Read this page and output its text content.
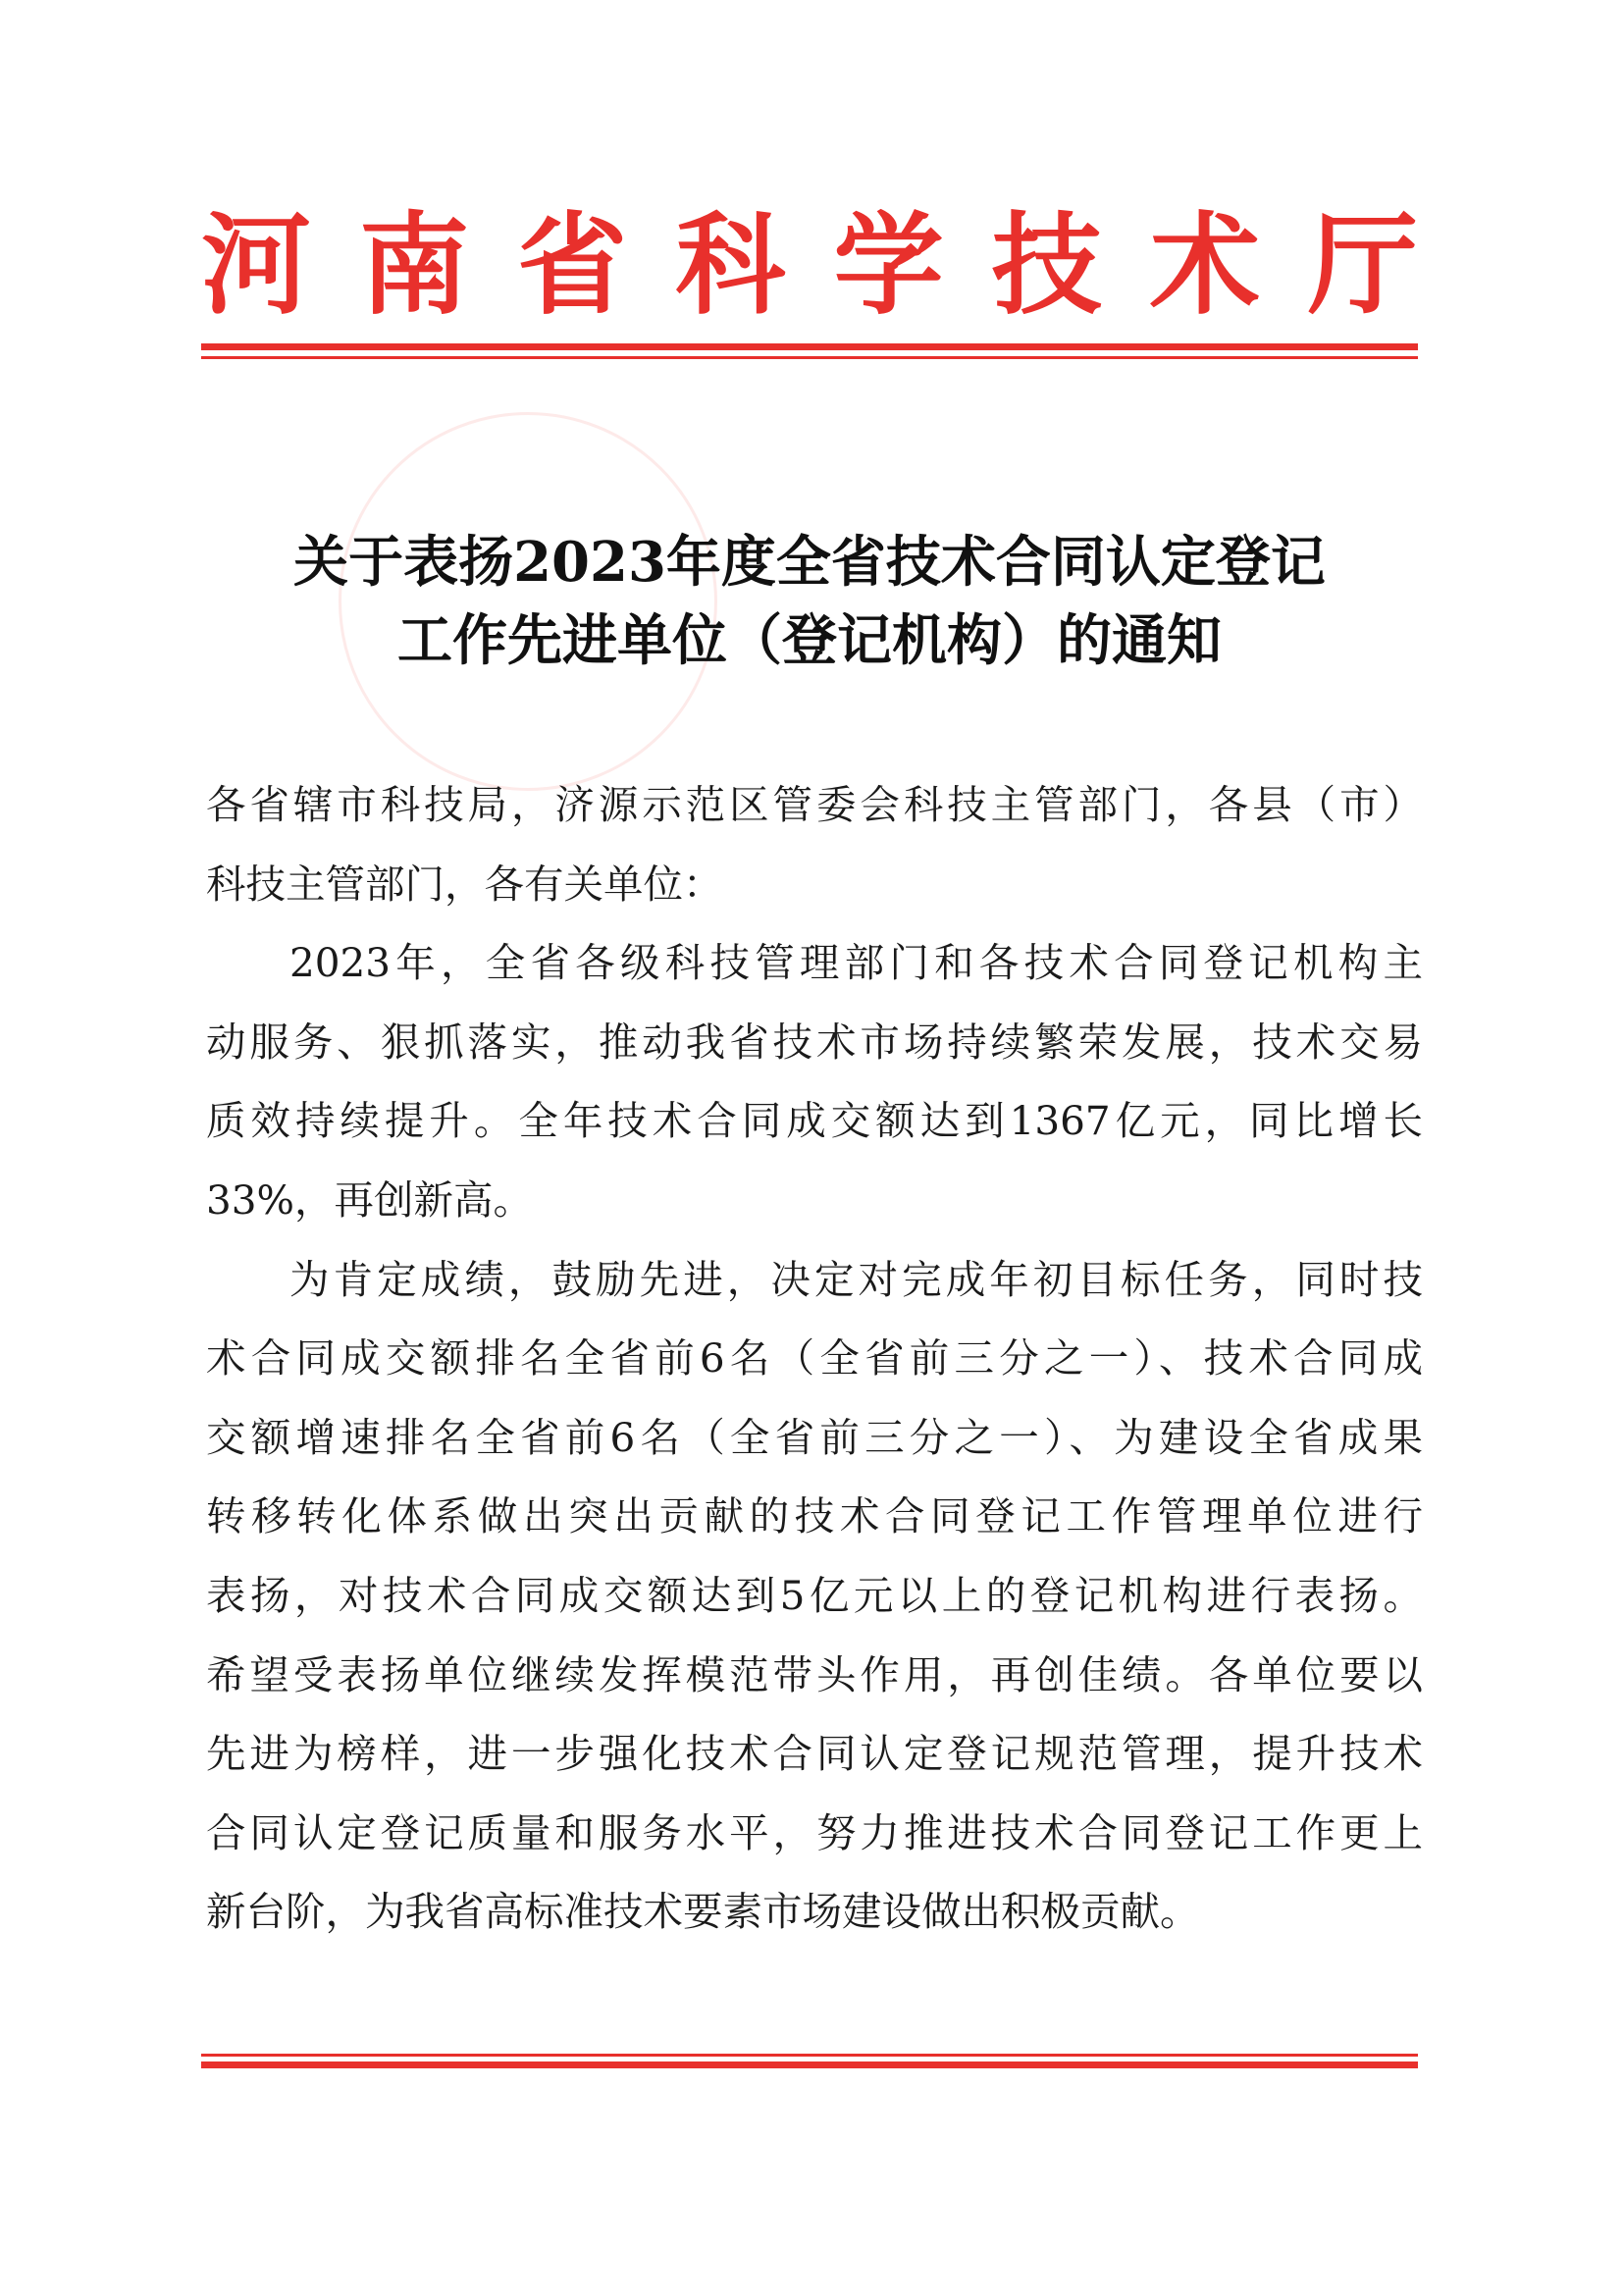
河 南 省 科 学 技 术 厅
关于表扬2023年度全省技术合同认定登记
工作先进单位（登记机构）的通知
各省辖市科技局，济源示范区管委会科技主管部门，各县（市）
科技主管部门，各有关单位：
2023年，全省各级科技管理部门和各技术合同登记机构主
动服务、狠抓落实，推动我省技术市场持续繁荣发展，技术交易
质效持续提升。全年技术合同成交额达到1367亿元，同比增长
33%，再创新高。
为肯定成绩，鼓励先进，决定对完成年初目标任务，同时技
术合同成交额排名全省前6名（全省前三分之一）、技术合同成
交额增速排名全省前6名（全省前三分之一）、为建设全省成果
转移转化体系做出突出贡献的技术合同登记工作管理单位进行
表扬，对技术合同成交额达到5亿元以上的登记机构进行表扬。
希望受表扬单位继续发挥模范带头作用，再创佳绩。各单位要以
先进为榜样，进一步强化技术合同认定登记规范管理，提升技术
合同认定登记质量和服务水平，努力推进技术合同登记工作更上
新台阶，为我省高标准技术要素市场建设做出积极贡献。
